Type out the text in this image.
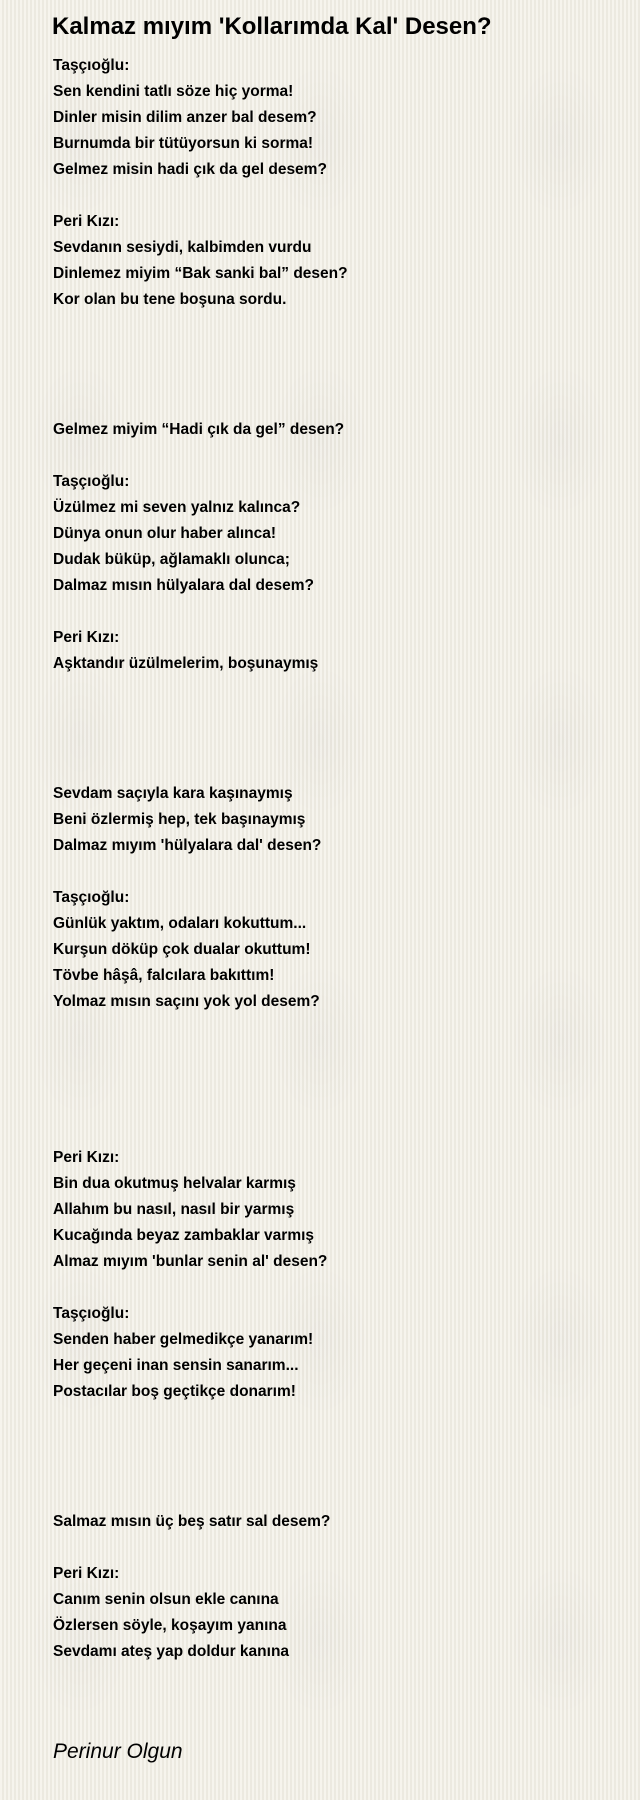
Kalmaz mıyım 'Kollarımda Kal' Desen?
Taşçıoğlu:
Sen kendini tatlı söze hiç yorma!
Dinler misin dilim anzer bal desem?
Burnumda bir tütüyorsun ki sorma!
Gelmez misin hadi çık da gel desem?
Peri Kızı:
Sevdanın sesiydi, kalbimden vurdu
Dinlemez miyim “Bak sanki bal” desen?
Kor olan bu tene boşuna sordu.
Gelmez miyim “Hadi çık da gel” desen?
Taşçıoğlu:
Üzülmez mi seven yalnız kalınca?
Dünya onun olur haber alınca!
Dudak büküp, ağlamaklı olunca;
Dalmaz mısın hülyalara dal desem?
Peri Kızı:
Aşktandır üzülmelerim, boşunaymış
Sevdam saçıyla kara kaşınaymış
Beni özlermiş hep, tek başınaymış
Dalmaz mıyım 'hülyalara dal' desen?
Taşçıoğlu:
Günlük yaktım, odaları kokuttum...
Kurşun döküp çok dualar okuttum!
Tövbe hâşâ, falcılara bakıttım!
Yolmaz mısın saçını yok yol desem?
Peri Kızı:
Bin dua okutmuş helvalar karmış
Allahım bu nasıl, nasıl bir yarmış
Kucağında beyaz zambaklar varmış
Almaz mıyım 'bunlar senin al' desen?
Taşçıoğlu:
Senden haber gelmedikçe yanarım!
Her geçeni inan sensin sanarım...
Postacılar boş geçtikçe donarım!
Salmaz mısın üç beş satır sal desem?
Peri Kızı:
Canım senin olsun ekle canına
Özlersen söyle, koşayım yanına
Sevdamı ateş yap doldur kanına
Perinur Olgun
